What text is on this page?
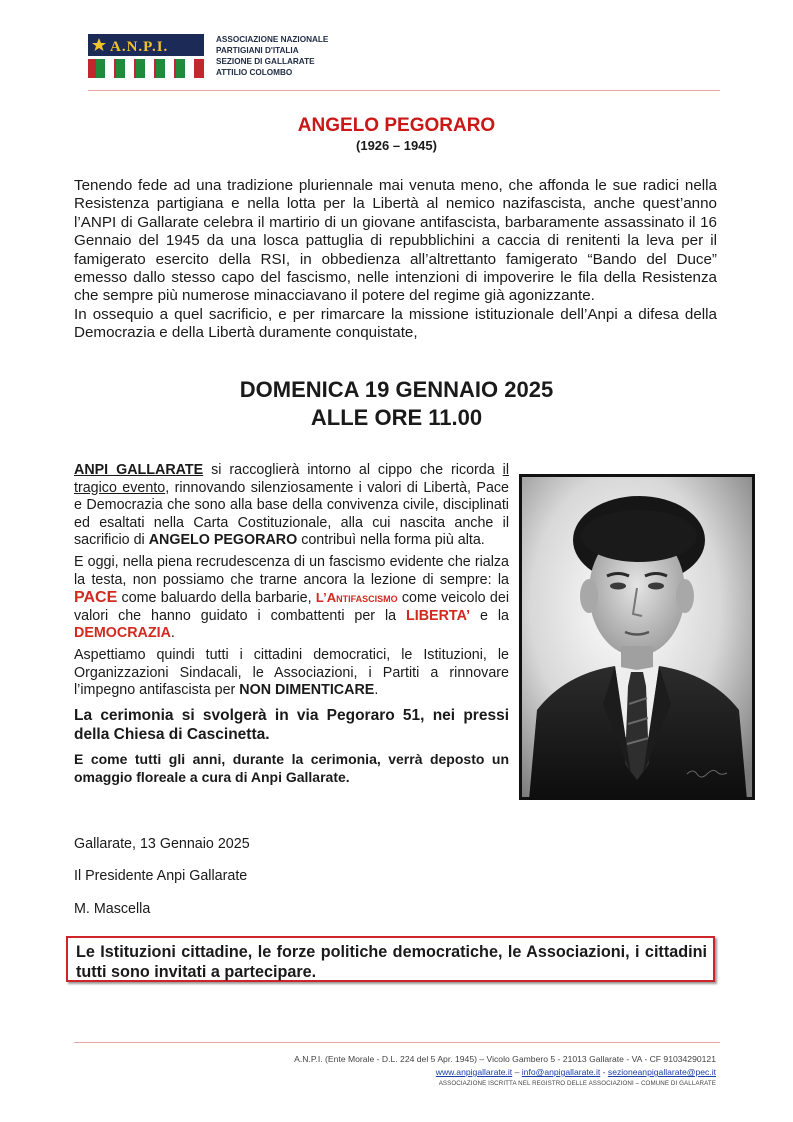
A.N.P.I.	ASSOCIAZIONE NAZIONALE
PARTIGIANI D'ITALIA
SEZIONE DI GALLARATE
ATTILIO COLOMBO
ANGELO PEGORARO
(1926 – 1945)

Tenendo fede ad una tradizione pluriennale mai venuta meno, che affonda le sue radici nella Resistenza partigiana e nella lotta per la Libertà al nemico nazifascista, anche quest’anno l’ANPI di Gallarate celebra il martirio di un giovane antifascista, barbaramente assassinato il 16 Gennaio del 1945 da una losca pattuglia di repubblichini a caccia di renitenti la leva per il famigerato esercito della RSI, in obbedienza all’altrettanto famigerato “Bando del Duce” emesso dallo stesso capo del fascismo, nelle intenzioni di impoverire le fila della Resistenza che sempre più numerose minacciavano il potere del regime già agonizzante.

In ossequio a quel sacrificio, e per rimarcare la missione istituzionale dell’Anpi a difesa della Democrazia e della Libertà duramente conquistate,

DOMENICA 19 GENNAIO 2025
ALLE ORE 11.00

ANPI GALLARATE si raccoglierà intorno al cippo che ricorda il tragico evento, rinnovando silenziosamente i valori di Libertà, Pace e Democrazia che sono alla base della convivenza civile, disciplinati ed esaltati nella Carta Costituzionale, alla cui nascita anche il sacrificio di ANGELO PEGORARO contribuì nella forma più alta.

E oggi, nella piena recrudescenza di un fascismo evidente che rialza la testa, non possiamo che trarne ancora la lezione di sempre: la PACE come baluardo della barbarie, L’Antifascismo come veicolo dei valori che hanno guidato i combattenti per la LIBERTA’ e la DEMOCRAZIA.

Aspettiamo quindi tutti i cittadini democratici, le Istituzioni, le Organizzazioni Sindacali, le Associazioni, i Partiti a rinnovare l’impegno antifascista per NON DIMENTICARE.

La cerimonia si svolgerà in via Pegoraro 51, nei pressi della Chiesa di Cascinetta.

E come tutti gli anni, durante la cerimonia, verrà deposto un omaggio floreale a cura di Anpi Gallarate.

Gallarate, 13 Gennaio 2025
Il Presidente Anpi Gallarate
M. Mascella
Le Istituzioni cittadine, le forze politiche democratiche, le Associazioni, i cittadini tutti sono invitati a partecipare.
A.N.P.I. (Ente Morale - D.L. 224 del 5 Apr. 1945) – Vicolo Gambero 5 - 21013 Gallarate - VA - CF 91034290121
www.anpigallarate.it – info@anpigallarate.it - sezioneanpigallarate@pec.it
ASSOCIAZIONE ISCRITTA NEL REGISTRO DELLE ASSOCIAZIONI – COMUNE DI GALLARATE
